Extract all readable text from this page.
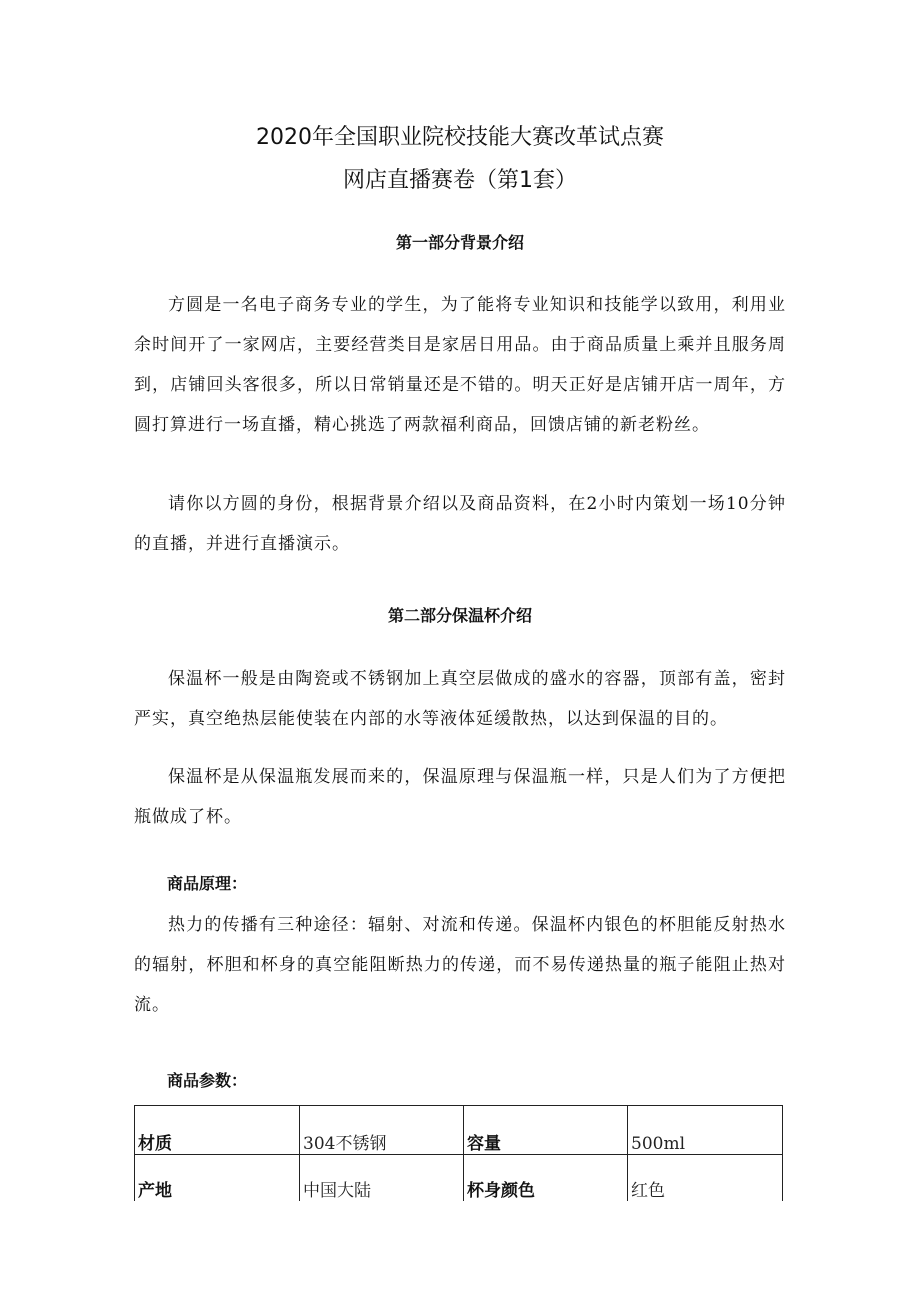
2020年全国职业院校技能大赛改革试点赛
网店直播赛卷（第1套）
第一部分背景介绍
方圆是一名电子商务专业的学生，为了能将专业知识和技能学以致用，利用业余时间开了一家网店，主要经营类目是家居日用品。由于商品质量上乘并且服务周到，店铺回头客很多，所以日常销量还是不错的。明天正好是店铺开店一周年，方圆打算进行一场直播，精心挑选了两款福利商品，回馈店铺的新老粉丝。
请你以方圆的身份，根据背景介绍以及商品资料，在2小时内策划一场10分钟的直播，并进行直播演示。
第二部分保温杯介绍
保温杯一般是由陶瓷或不锈钢加上真空层做成的盛水的容器，顶部有盖，密封严实，真空绝热层能使装在内部的水等液体延缓散热，以达到保温的目的。
保温杯是从保温瓶发展而来的，保温原理与保温瓶一样，只是人们为了方便把瓶做成了杯。
商品原理：
热力的传播有三种途径：辐射、对流和传递。保温杯内银色的杯胆能反射热水的辐射，杯胆和杯身的真空能阻断热力的传递，而不易传递热量的瓶子能阻止热对流。
商品参数：
材质	304不锈钢	容量	500ml
产地	中国大陆	杯身颜色	红色
